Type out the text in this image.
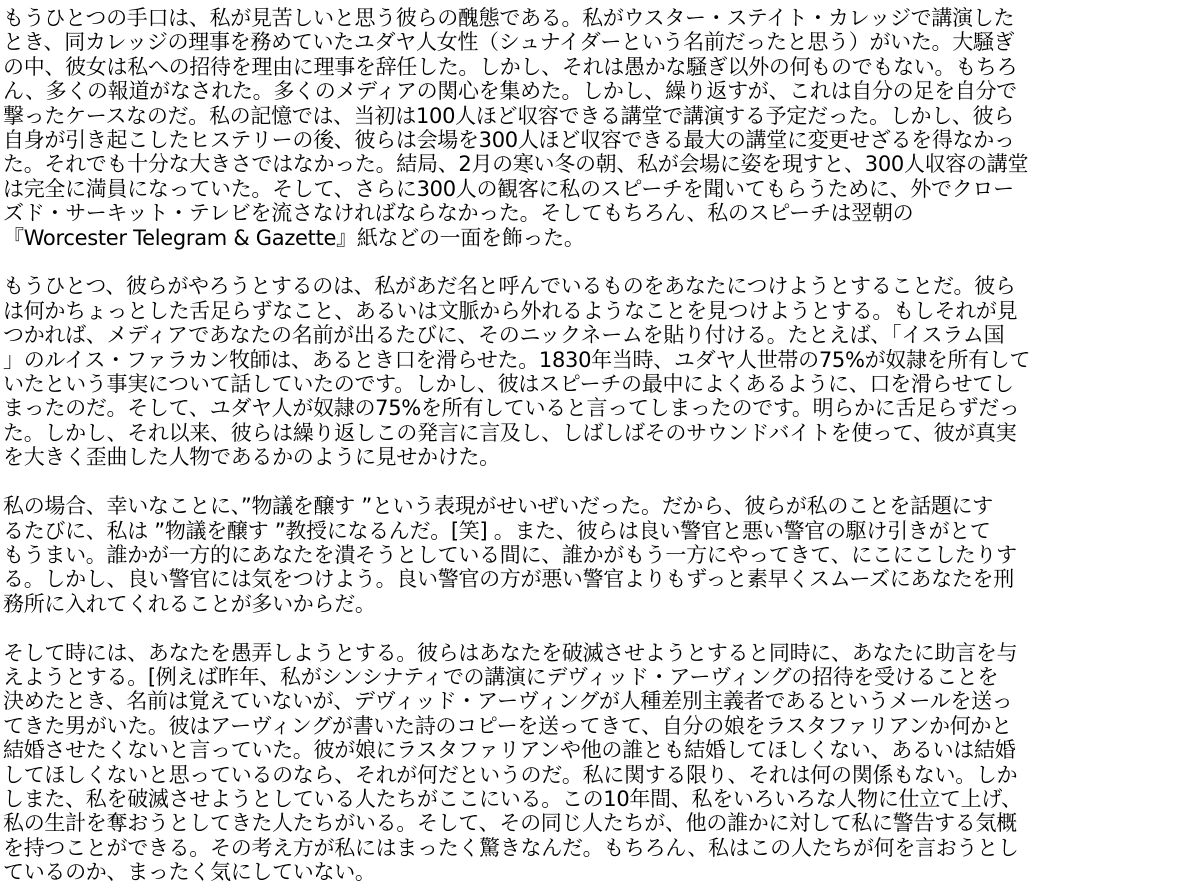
もうひとつの手口は、私が見苦しいと思う彼らの醜態である。私がウスター・ステイト・カレッジで講演した
とき、同カレッジの理事を務めていたユダヤ人女性（シュナイダーという名前だったと思う）がいた。大騒ぎ
の中、彼女は私への招待を理由に理事を辞任した。しかし、それは愚かな騒ぎ以外の何ものでもない。もちろ
ん、多くの報道がなされた。多くのメディアの関心を集めた。しかし、繰り返すが、これは自分の足を自分で
撃ったケースなのだ。私の記憶では、当初は100人ほど収容できる講堂で講演する予定だった。しかし、彼ら
自身が引き起こしたヒステリーの後、彼らは会場を300人ほど収容できる最大の講堂に変更せざるを得なかっ
た。それでも十分な大きさではなかった。結局、2月の寒い冬の朝、私が会場に姿を現すと、300人収容の講堂
は完全に満員になっていた。そして、さらに300人の観客に私のスピーチを聞いてもらうために、外でクロー
ズド・サーキット・テレビを流さなければならなかった。そしてもちろん、私のスピーチは翌朝の
『Worcester Telegram & Gazette』紙などの一面を飾った。
もうひとつ、彼らがやろうとするのは、私があだ名と呼んでいるものをあなたにつけようとすることだ。彼ら
は何かちょっとした舌足らずなこと、あるいは文脈から外れるようなことを見つけようとする。もしそれが見
つかれば、メディアであなたの名前が出るたびに、そのニックネームを貼り付ける。たとえば、「イスラム国
」のルイス・ファラカン牧師は、あるとき口を滑らせた。1830年当時、ユダヤ人世帯の75%が奴隷を所有して
いたという事実について話していたのです。しかし、彼はスピーチの最中によくあるように、口を滑らせてし
まったのだ。そして、ユダヤ人が奴隷の75%を所有していると言ってしまったのです。明らかに舌足らずだっ
た。しかし、それ以来、彼らは繰り返しこの発言に言及し、しばしばそのサウンドバイトを使って、彼が真実
を大きく歪曲した人物であるかのように見せかけた。
私の場合、幸いなことに、”物議を醸す ”という表現がせいぜいだった。だから、彼らが私のことを話題にす
るたびに、私は ”物議を醸す ”教授になるんだ。[笑] 。また、彼らは良い警官と悪い警官の駆け引きがとて
もうまい。誰かが一方的にあなたを潰そうとしている間に、誰かがもう一方にやってきて、にこにこしたりす
る。しかし、良い警官には気をつけよう。良い警官の方が悪い警官よりもずっと素早くスムーズにあなたを刑
務所に入れてくれることが多いからだ。
そして時には、あなたを愚弄しようとする。彼らはあなたを破滅させようとすると同時に、あなたに助言を与
えようとする。[例えば昨年、私がシンシナティでの講演にデヴィッド・アーヴィングの招待を受けることを
決めたとき、名前は覚えていないが、デヴィッド・アーヴィングが人種差別主義者であるというメールを送っ
てきた男がいた。彼はアーヴィングが書いた詩のコピーを送ってきて、自分の娘をラスタファリアンか何かと
結婚させたくないと言っていた。彼が娘にラスタファリアンや他の誰とも結婚してほしくない、あるいは結婚
してほしくないと思っているのなら、それが何だというのだ。私に関する限り、それは何の関係もない。しか
しまた、私を破滅させようとしている人たちがここにいる。この10年間、私をいろいろな人物に仕立て上げ、
私の生計を奪おうとしてきた人たちがいる。そして、その同じ人たちが、他の誰かに対して私に警告する気概
を持つことができる。その考え方が私にはまったく驚きなんだ。もちろん、私はこの人たちが何を言おうとし
ているのか、まったく気にしていない。
